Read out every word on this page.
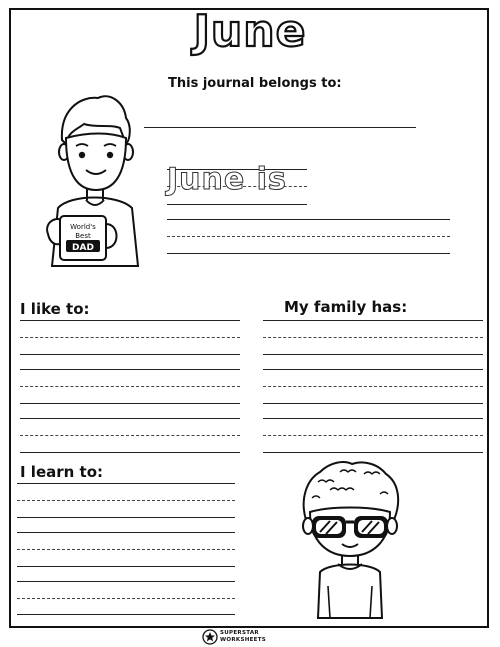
June
This journal belongs to:
World's
Best
DAD
June is
I like to:	My family has:
I learn to:
SUPERSTAR
WORKSHEETS
